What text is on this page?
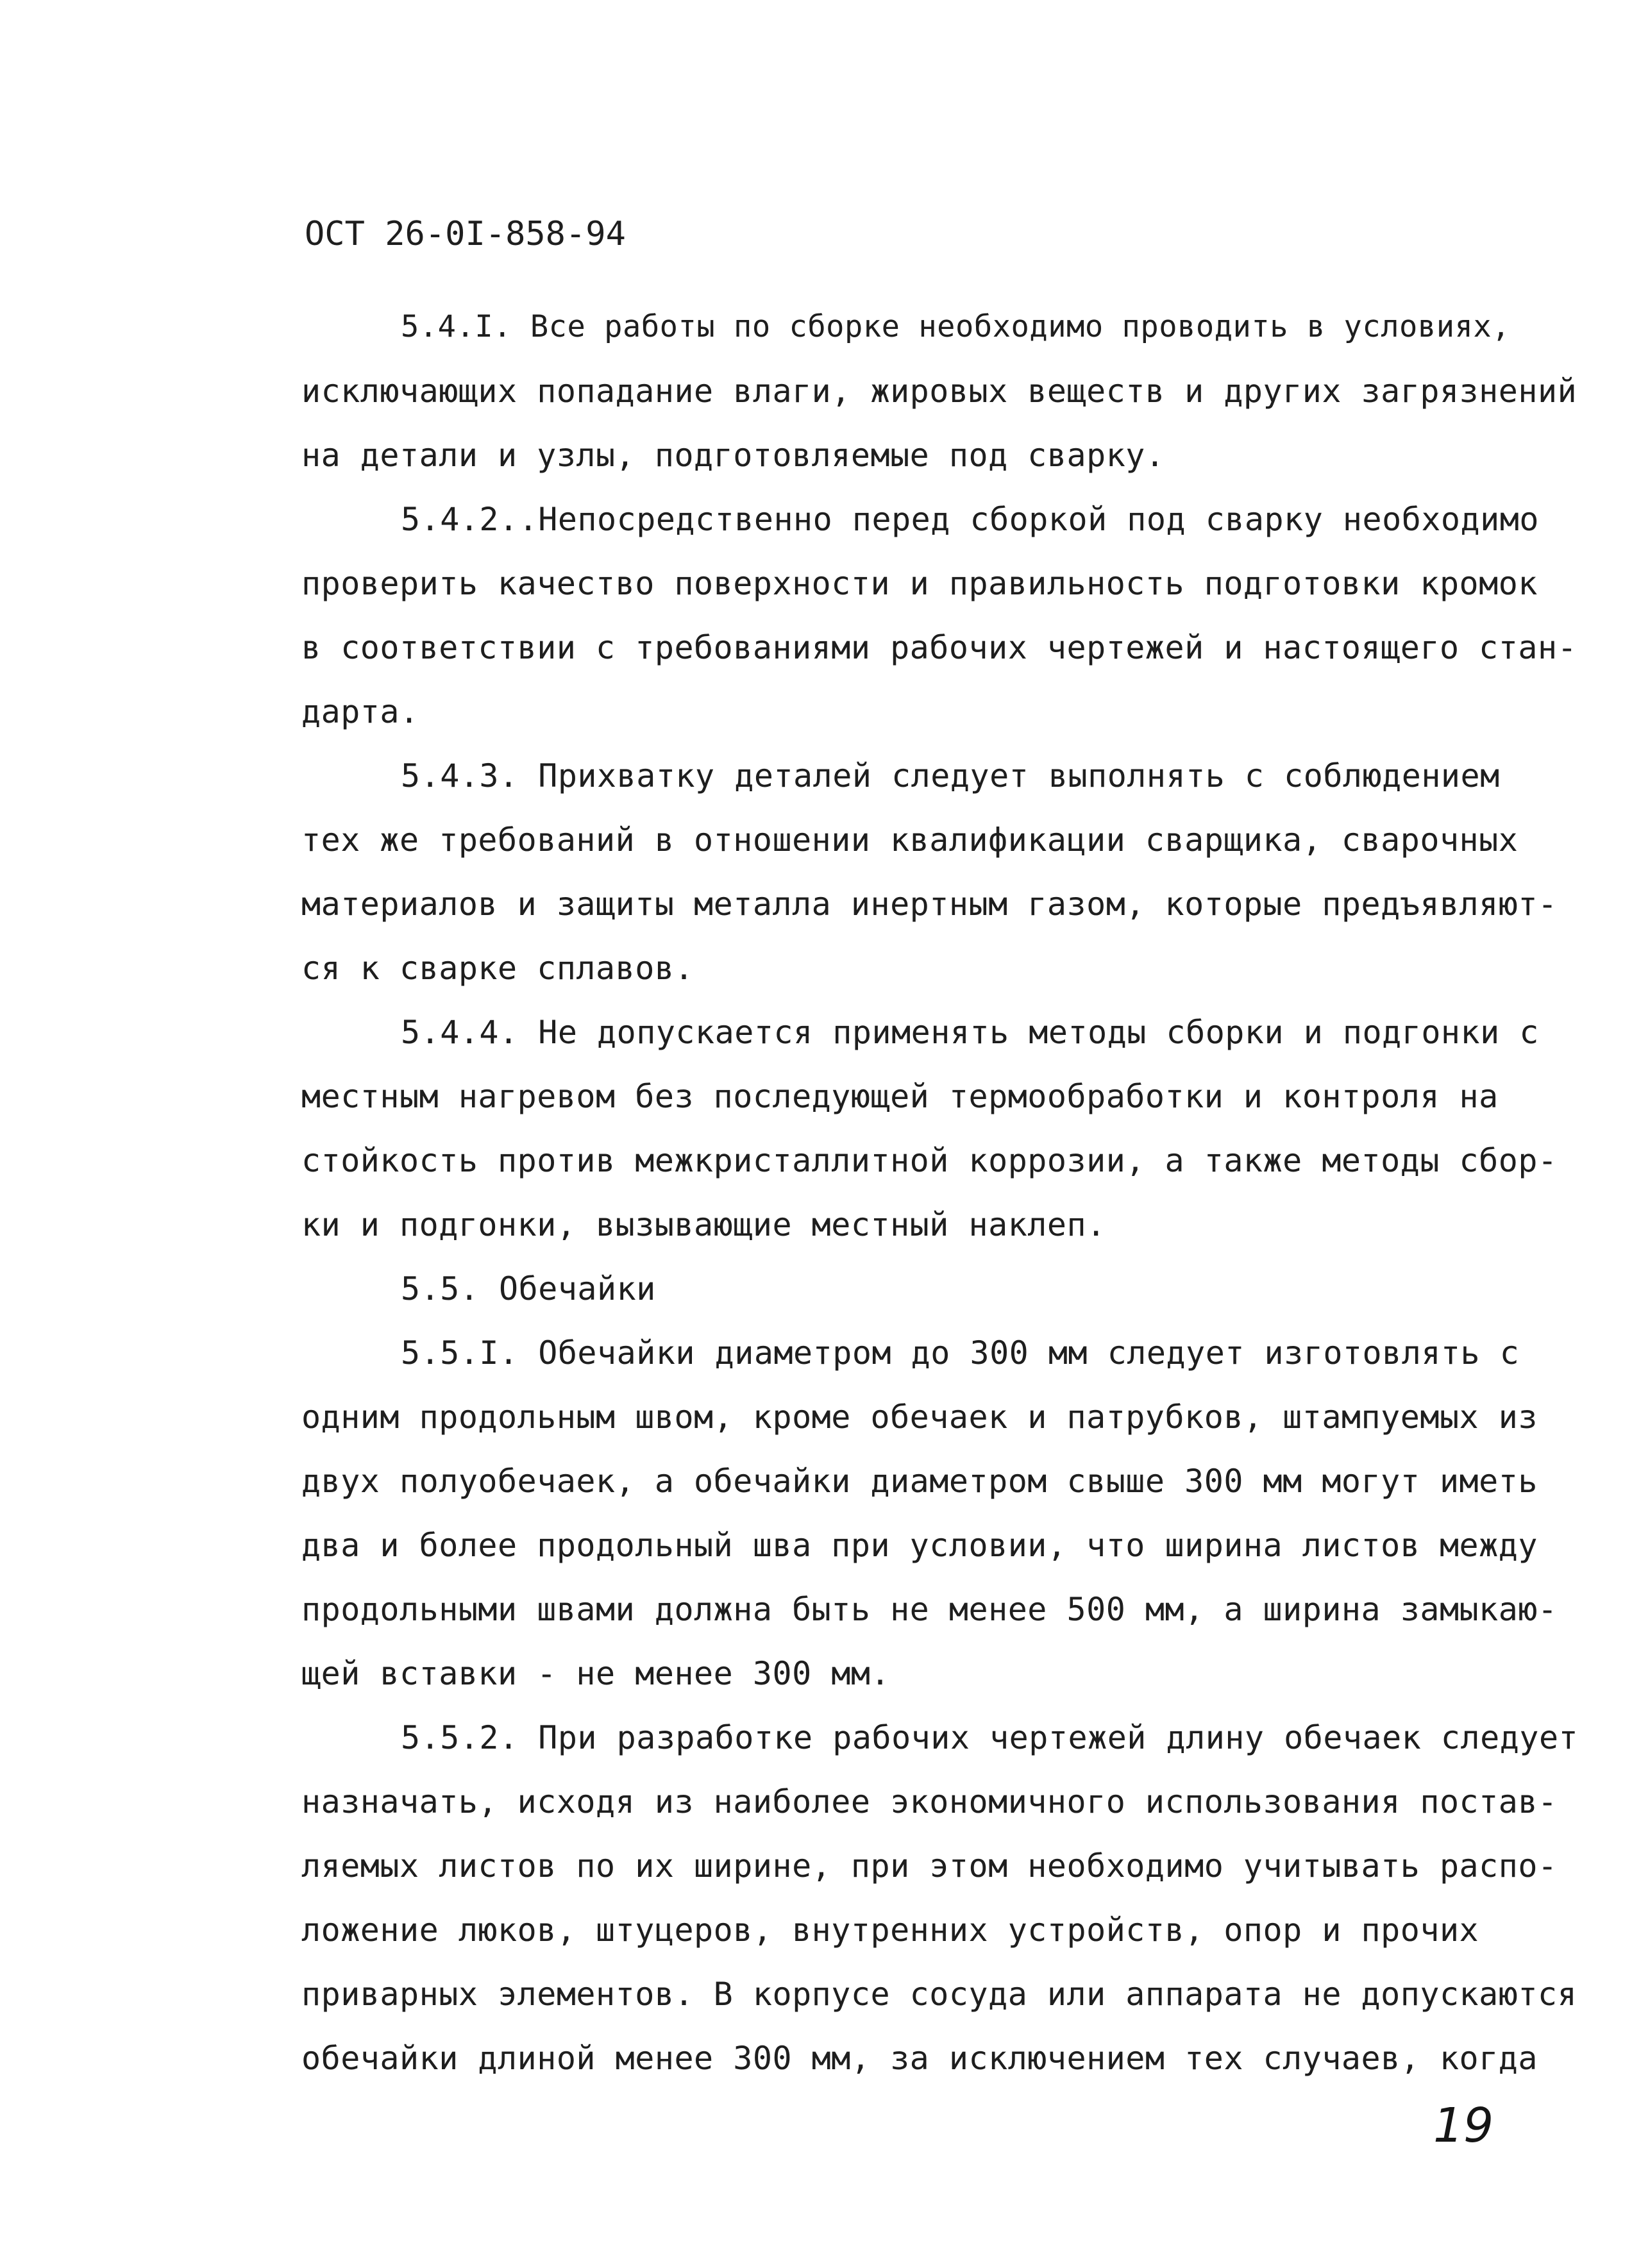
ОСТ 26-0I-858-94
5.4.I. Все работы по сборке необходимо проводить в условиях,
исключающих попадание влаги, жировых веществ и других загрязнений
на детали и узлы, подготовляемые под сварку.
5.4.2..Непосредственно перед сборкой под сварку необходимо
проверить качество поверхности и правильность подготовки кромок
в соответствии с требованиями рабочих чертежей и настоящего стан-
дарта.
5.4.3. Прихватку деталей следует выполнять с соблюдением
тех же требований в отношении квалификации сварщика, сварочных
материалов и защиты металла инертным газом, которые предъявляют-
ся к сварке сплавов.
5.4.4. Не допускается применять методы сборки и подгонки с
местным нагревом без последующей термообработки и контроля на
стойкость против межкристаллитной коррозии, а также методы сбор-
ки и подгонки, вызывающие местный наклеп.
5.5. Обечайки
5.5.I. Обечайки диаметром до 300 мм следует изготовлять с
одним продольным швом, кроме обечаек и патрубков, штампуемых из
двух полуобечаек, а обечайки диаметром свыше 300 мм могут иметь
два и более продольный шва при условии, что ширина листов между
продольными швами должна быть не менее 500 мм, а ширина замыкаю-
щей вставки - не менее 300 мм.
5.5.2. При разработке рабочих чертежей длину обечаек следует
назначать, исходя из наиболее экономичного использования постав-
ляемых листов по их ширине, при этом необходимо учитывать распо-
ложение люков, штуцеров, внутренних устройств, опор и прочих
приварных элементов. В корпусе сосуда или аппарата не допускаются
обечайки длиной менее 300 мм, за исключением тех случаев, когда
19
